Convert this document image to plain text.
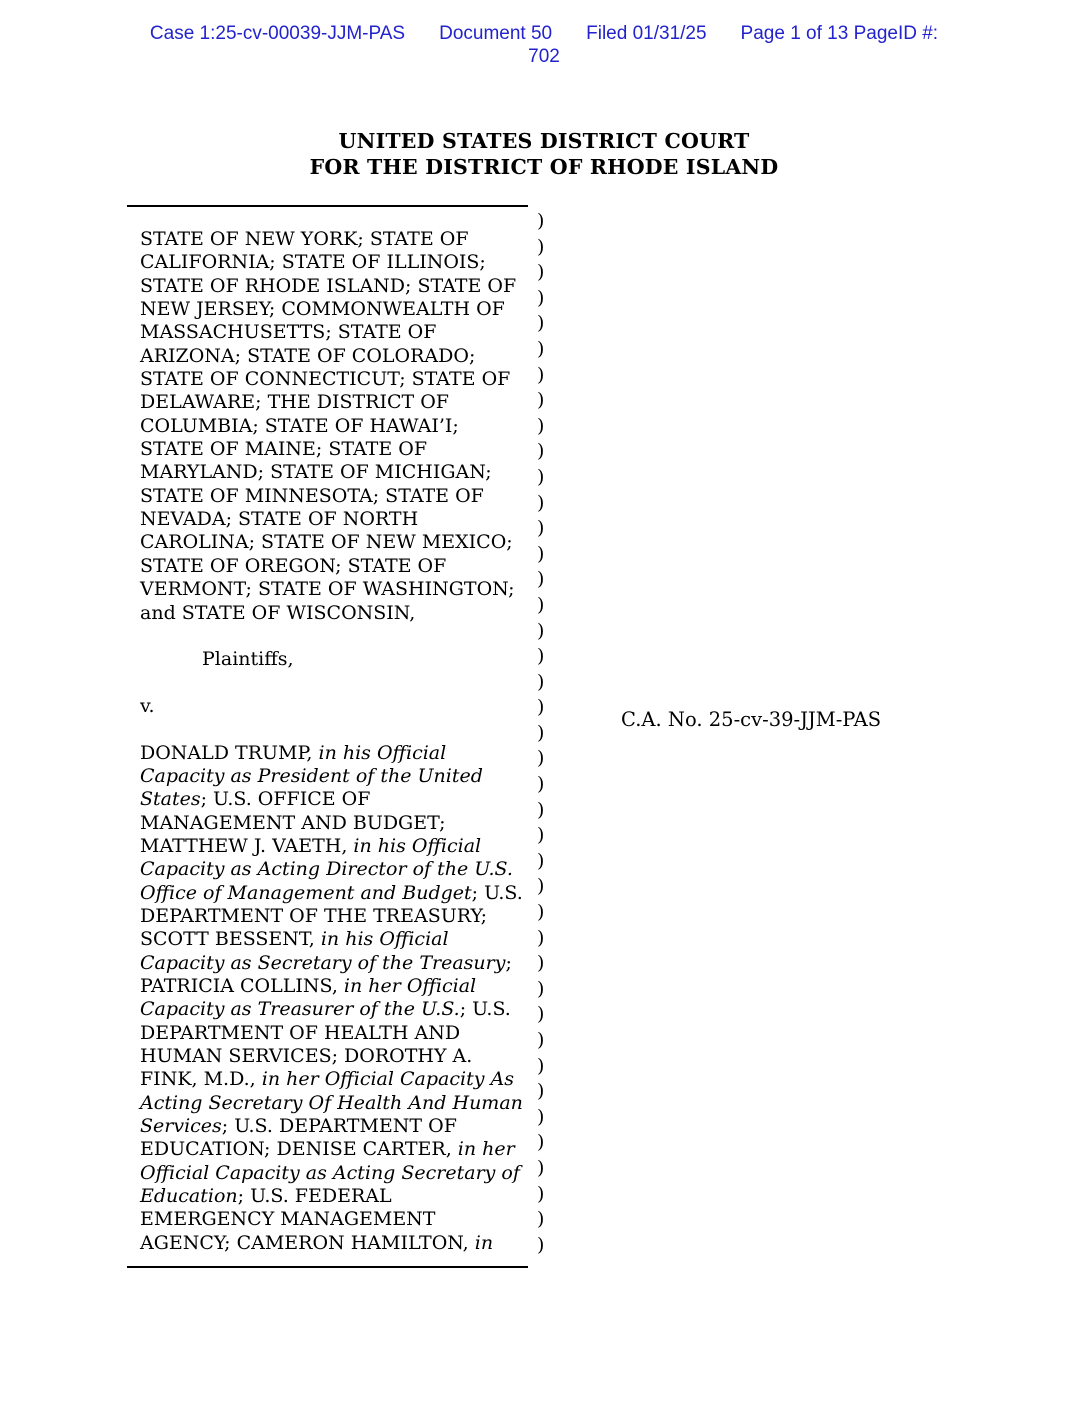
Case 1:25-cv-00039-JJM-PAS Document 50 Filed 01/31/25 Page 1 of 13 PageID #:
702
UNITED STATES DISTRICT COURT
FOR THE DISTRICT OF RHODE ISLAND
STATE OF NEW YORK; STATE OF
CALIFORNIA; STATE OF ILLINOIS;
STATE OF RHODE ISLAND; STATE OF
NEW JERSEY; COMMONWEALTH OF
MASSACHUSETTS; STATE OF
ARIZONA; STATE OF COLORADO;
STATE OF CONNECTICUT; STATE OF
DELAWARE; THE DISTRICT OF
COLUMBIA; STATE OF HAWAI’I;
STATE OF MAINE; STATE OF
MARYLAND; STATE OF MICHIGAN;
STATE OF MINNESOTA; STATE OF
NEVADA; STATE OF NORTH
CAROLINA; STATE OF NEW MEXICO;
STATE OF OREGON; STATE OF
VERMONT; STATE OF WASHINGTON;
and STATE OF WISCONSIN,

Plaintiffs,

v.

DONALD TRUMP, in his Official
Capacity as President of the United
States; U.S. OFFICE OF
MANAGEMENT AND BUDGET;
MATTHEW J. VAETH, in his Official
Capacity as Acting Director of the U.S.
Office of Management and Budget; U.S.
DEPARTMENT OF THE TREASURY;
SCOTT BESSENT, in his Official
Capacity as Secretary of the Treasury;
PATRICIA COLLINS, in her Official
Capacity as Treasurer of the U.S.; U.S.
DEPARTMENT OF HEALTH AND
HUMAN SERVICES; DOROTHY A.
FINK, M.D., in her Official Capacity As
Acting Secretary Of Health And Human
Services; U.S. DEPARTMENT OF
EDUCATION; DENISE CARTER, in her
Official Capacity as Acting Secretary of
Education; U.S. FEDERAL
EMERGENCY MANAGEMENT
AGENCY; CAMERON HAMILTON, in
)
)
)
)
)
)
)
)
)
)
)
)
)
)
)
)
)
)
)
)
)
)
)
)
)
)
)
)
)
)
)
)
)
)
)
)
)
)
)
)
)
C.A. No. 25-cv-39-JJM-PAS
